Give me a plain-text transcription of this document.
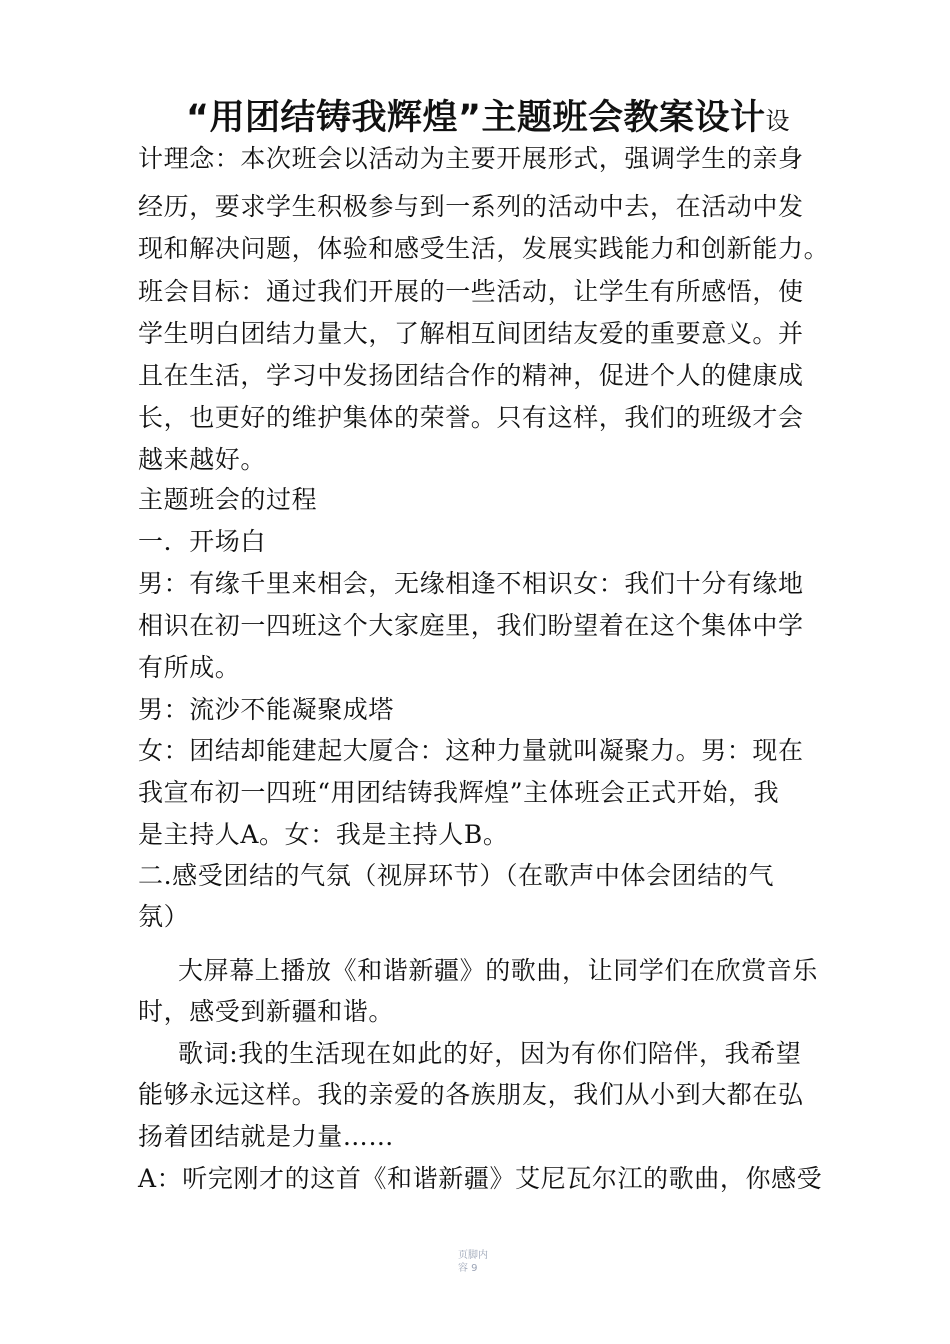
“用团结铸我辉煌”主题班会教案设计设
计理念：本次班会以活动为主要开展形式，强调学生的亲身
经历，要求学生积极参与到一系列的活动中去，在活动中发
现和解决问题，体验和感受生活，发展实践能力和创新能力。
班会目标：通过我们开展的一些活动，让学生有所感悟，使
学生明白团结力量大，了解相互间团结友爱的重要意义。并
且在生活，学习中发扬团结合作的精神，促进个人的健康成
长，也更好的维护集体的荣誉。只有这样，我们的班级才会
越来越好。
主题班会的过程
一．开场白
男：有缘千里来相会，无缘相逢不相识女：我们十分有缘地
相识在初一四班这个大家庭里，我们盼望着在这个集体中学
有所成。
男：流沙不能凝聚成塔
女：团结却能建起大厦合：这种力量就叫凝聚力。男：现在
我宣布初一四班“用团结铸我辉煌”主体班会正式开始，我
是主持人A。女：我是主持人B。
二.感受团结的气氛（视屏环节）（在歌声中体会团结的气
氛）
大屏幕上播放《和谐新疆》的歌曲，让同学们在欣赏音乐
时，感受到新疆和谐。
歌词:我的生活现在如此的好，因为有你们陪伴，我希望
能够永远这样。我的亲爱的各族朋友，我们从小到大都在弘
扬着团结就是力量……
A：听完刚才的这首《和谐新疆》艾尼瓦尔江的歌曲，你感受
页脚内
容 9
